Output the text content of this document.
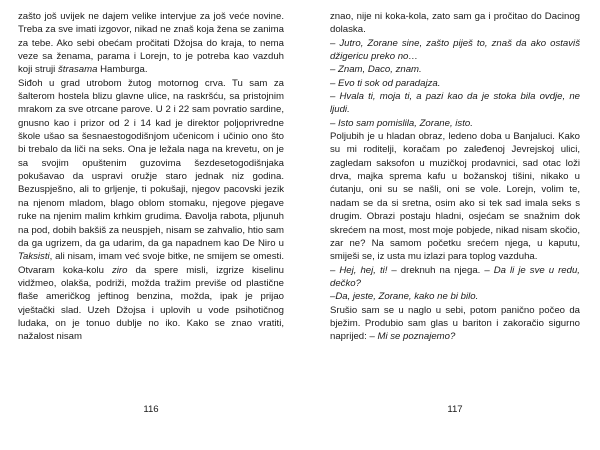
zašto još uvijek ne dajem velike intervjue za još veće novine. Treba za sve imati izgovor, nikad ne znaš koja žena se zanima za tebe. Ako sebi obećam pročitati Džojsa do kraja, to nema veze sa ženama, parama i Lorejn, to je potreba kao vazduh koji struji štrasama Hamburga.

Siđoh u grad utrobom žutog motornog crva. Tu sam za šalterom hostela blizu glavne ulice, na raskršću, sa pristojnim mrakom za sve otrcane parove. U 2 i 22 sam povratio sardine, gnusno kao i prizor od 2 i 14 kad je direktor poljoprivredne škole ušao sa šesnaestogodišnjom učenicom i učinio ono što bi trebalo da liči na seks. Ona je ležala naga na krevetu, on je sa svojim opuštenim guzovima šezdesetogodišnjaka pokušavao da uspravi oružje staro jednak niz godina. Bezuspješno, ali to grljenje, ti pokušaji, njegov pacovski jezik na njenom mladom, blago oblom stomaku, njegove pjegave ruke na njenim malim krhkim grudima. Đavolja rabota, pljunuh na pod, dobih bakšiš za neuspjeh, nisam se zahvalio, htio sam da ga ugrizem, da ga udarim, da ga napadnem kao De Niro u Taksisti, ali nisam, imam već svoje bitke, ne smijem se omesti. Otvaram koka-kolu ziro da spere misli, izgrize kiselinu vidžmeo, olakša, podriži, možda tražim previše od plastične flaše američkog jeftinog benzina, možda, ipak je prijao vještački slad. Uzeh Džojsa i uplovih u vode psihotičnog ludaka, on je tonuo dublje no iko. Kako se znao vratiti, nažalost nisam

116

znao, nije ni koka-kola, zato sam ga i pročitao do Dacinog dolaska.

– Jutro, Zorane sine, zašto piješ to, znaš da ako ostaviš džigericu preko no…

– Znam, Daco, znam.

– Evo ti sok od paradajza.

– Hvala ti, moja ti, a pazi kao da je stoka bila ovdje, ne ljudi.

– Isto sam pomislila, Zorane, isto.

Poljubih je u hladan obraz, ledeno doba u Banjaluci. Kako su mi roditelji, koračam po zaleđenoj Jevrejskoj ulici, zagledam saksofon u muzičkoj prodavnici, sad otac loži drva, majka sprema kafu u božanskoj tišini, nikako u ćutanju, oni su se našli, oni se vole. Lorejn, volim te, nadam se da si sretna, osim ako si tek sad imala seks s drugim. Obrazi postaju hladni, osjećam se snažnim dok skrećem na most, most moje pobjede, nikad nisam skočio, zar ne? Na samom početku srećem njega, u kaputu, smiješi se, iz usta mu izlazi para toplog vazduha.

– Hej, hej, ti! – dreknuh na njega. – Da li je sve u redu, dečko?

–Da, jeste, Zorane, kako ne bi bilo.

Srušio sam se u naglo u sebi, potom panično počeo da bježim. Produbio sam glas u bariton i zakoračio sigurno naprijed: – Mi se poznajemo?

117
